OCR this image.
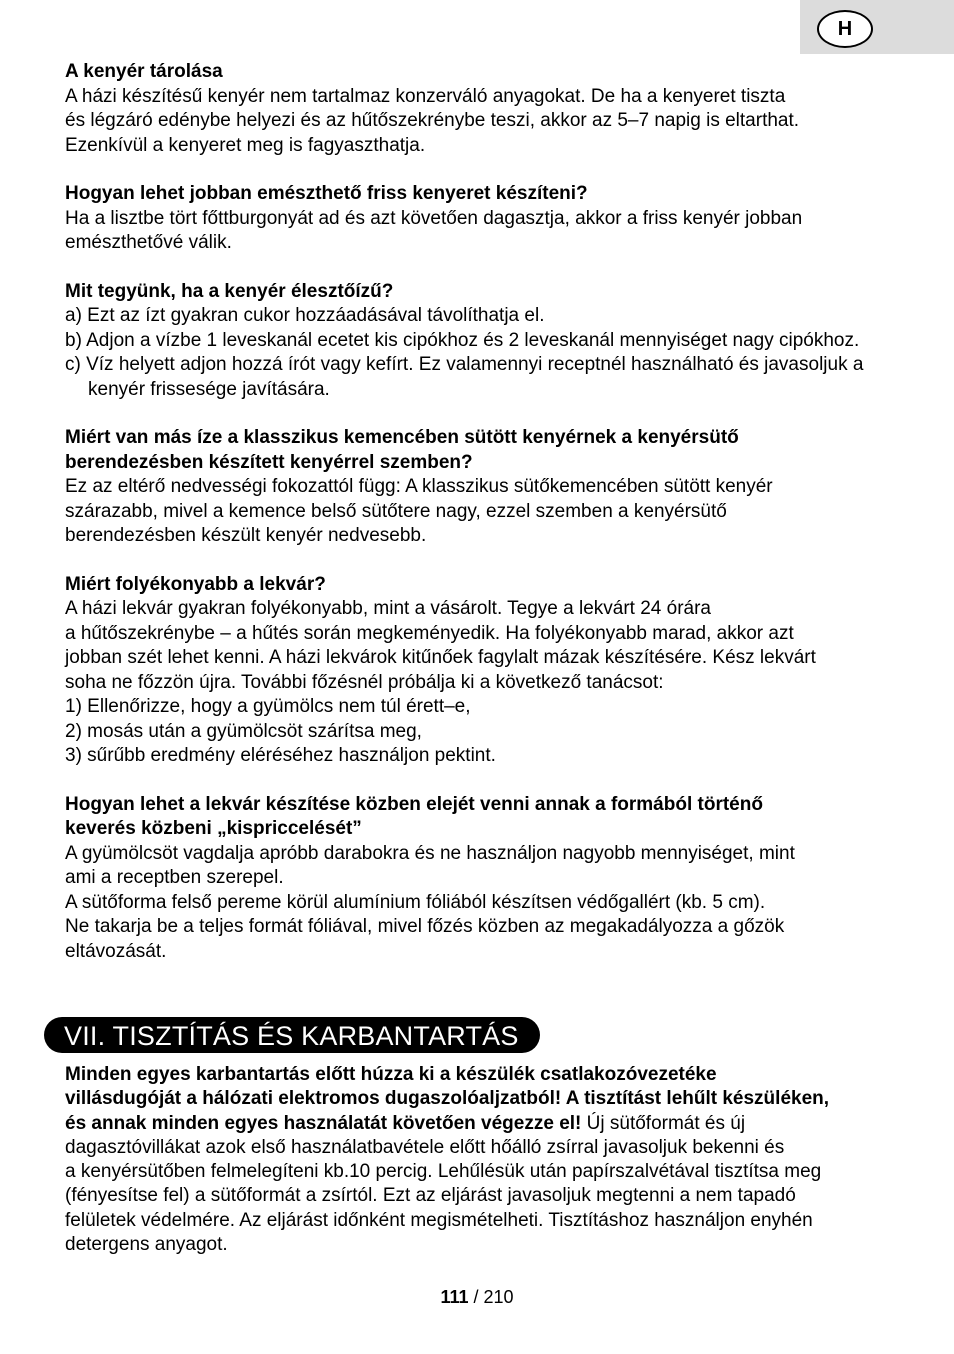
H

A kenyér tárolása

A házi készítésű kenyér nem tartalmaz konzerváló anyagokat. De ha a kenyeret tiszta

és légzáró edénybe helyezi és az hűtőszekrénybe teszi, akkor az 5–7 napig is eltarthat.

Ezenkívül a kenyeret meg is fagyaszthatja.

Hogyan lehet jobban emészthető friss kenyeret készíteni?

Ha a lisztbe tört főttburgonyát ad és azt követően dagasztja, akkor a friss kenyér jobban

emészthetővé válik.

Mit tegyünk, ha a kenyér élesztőízű?

a) Ezt az ízt gyakran cukor hozzáadásával távolíthatja el.

b) Adjon a vízbe 1 leveskanál ecetet kis cipókhoz és 2 leveskanál mennyiséget nagy cipókhoz.

c) Víz helyett adjon hozzá írót vagy kefírt. Ez valamennyi receptnél használható és javasoljuk a kenyér frissesége javítására.

Miért van más íze a klasszikus kemencében sütött kenyérnek a kenyérsütő

berendezésben készített kenyérrel szemben?

Ez az eltérő nedvességi fokozattól függ: A klasszikus sütőkemencében sütött kenyér

szárazabb, mivel a kemence belső sütőtere nagy, ezzel szemben a kenyérsütő

berendezésben készült kenyér nedvesebb.

Miért folyékonyabb a lekvár?

A házi lekvár gyakran folyékonyabb, mint a vásárolt. Tegye a lekvárt 24 órára

a hűtőszekrénybe – a hűtés során megkeményedik. Ha folyékonyabb marad, akkor azt

jobban szét lehet kenni. A házi lekvárok kitűnőek fagylalt mázak készítésére. Kész lekvárt

soha ne főzzön újra. További főzésnél próbálja ki a következő tanácsot:

1) Ellenőrizze, hogy a gyümölcs nem túl érett–e,

2) mosás után a gyümölcsöt szárítsa meg,

3) sűrűbb eredmény eléréséhez használjon pektint.

Hogyan lehet a lekvár készítése közben elejét venni annak a formából történő

keverés közbeni „kispriccelését”

A gyümölcsöt vagdalja apróbb darabokra és ne használjon nagyobb mennyiséget, mint

ami a receptben szerepel.

A sütőforma felső pereme körül alumínium fóliából készítsen védőgallért (kb. 5 cm).

Ne takarja be a teljes formát fóliával, mivel főzés közben az megakadályozza a gőzök

eltávozását.

VII. TISZTÍTÁS ÉS KARBANTARTÁS

Minden egyes karbantartás előtt húzza ki a készülék csatlakozóvezetéke

villásdugóját a hálózati elektromos dugaszolóaljzatból! A tisztítást lehűlt készüléken,

és annak minden egyes használatát követően végezze el! Új sütőformát és új

dagasztóvillákat azok első használatbavétele előtt hőálló zsírral javasoljuk bekenni és

a kenyérsütőben felmelegíteni kb.10 percig. Lehűlésük után papírszalvétával tisztítsa meg

(fényesítse fel) a sütőformát a zsírtól. Ezt az eljárást javasoljuk megtenni a nem tapadó

felületek védelmére. Az eljárást időnként megismételheti. Tisztításhoz használjon enyhén

detergens anyagot.

111 / 210
